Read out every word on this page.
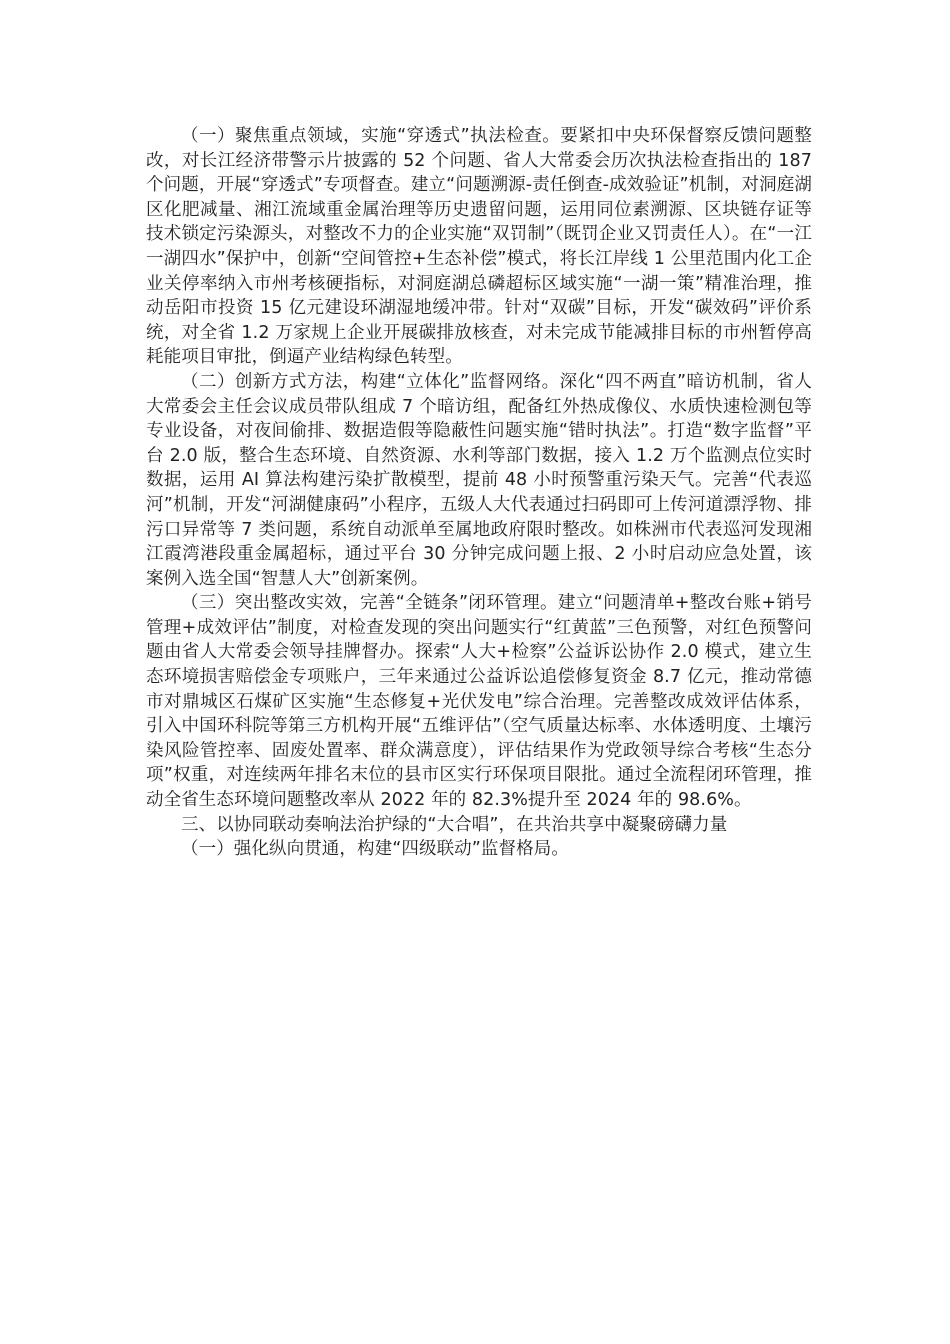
（一）聚焦重点领域，实施“穿透式”执法检查。要紧扣中央环保督察反馈问题整改，对长江经济带警示片披露的 52 个问题、省人大常委会历次执法检查指出的 187 个问题，开展“穿透式”专项督查。建立“问题溯源-责任倒查-成效验证”机制，对洞庭湖区化肥减量、湘江流域重金属治理等历史遗留问题，运用同位素溯源、区块链存证等技术锁定污染源头，对整改不力的企业实施“双罚制”（既罚企业又罚责任人）。在“一江一湖四水”保护中，创新“空间管控+生态补偿”模式，将长江岸线 1 公里范围内化工企业关停率纳入市州考核硬指标，对洞庭湖总磷超标区域实施“一湖一策”精准治理，推动岳阳市投资 15 亿元建设环湖湿地缓冲带。针对“双碳”目标，开发“碳效码”评价系统，对全省 1.2 万家规上企业开展碳排放核查，对未完成节能减排目标的市州暂停高耗能项目审批，倒逼产业结构绿色转型。

（二）创新方式方法，构建“立体化”监督网络。深化“四不两直”暗访机制，省人大常委会主任会议成员带队组成 7 个暗访组，配备红外热成像仪、水质快速检测包等专业设备，对夜间偷排、数据造假等隐蔽性问题实施“错时执法”。打造“数字监督”平台 2.0 版，整合生态环境、自然资源、水利等部门数据，接入 1.2 万个监测点位实时数据，运用 AI 算法构建污染扩散模型，提前 48 小时预警重污染天气。完善“代表巡河”机制，开发“河湖健康码”小程序，五级人大代表通过扫码即可上传河道漂浮物、排污口异常等 7 类问题，系统自动派单至属地政府限时整改。如株洲市代表巡河发现湘江霞湾港段重金属超标，通过平台 30 分钟完成问题上报、2 小时启动应急处置，该案例入选全国“智慧人大”创新案例。

（三）突出整改实效，完善“全链条”闭环管理。建立“问题清单+整改台账+销号管理+成效评估”制度，对检查发现的突出问题实行“红黄蓝”三色预警，对红色预警问题由省人大常委会领导挂牌督办。探索“人大+检察”公益诉讼协作 2.0 模式，建立生态环境损害赔偿金专项账户，三年来通过公益诉讼追偿修复资金 8.7 亿元，推动常德市对鼎城区石煤矿区实施“生态修复+光伏发电”综合治理。完善整改成效评估体系，引入中国环科院等第三方机构开展“五维评估”（空气质量达标率、水体透明度、土壤污染风险管控率、固废处置率、群众满意度），评估结果作为党政领导综合考核“生态分项”权重，对连续两年排名末位的县市区实行环保项目限批。通过全流程闭环管理，推动全省生态环境问题整改率从 2022 年的 82.3%提升至 2024 年的 98.6%。

三、以协同联动奏响法治护绿的“大合唱”，在共治共享中凝聚磅礴力量

（一）强化纵向贯通，构建“四级联动”监督格局。
